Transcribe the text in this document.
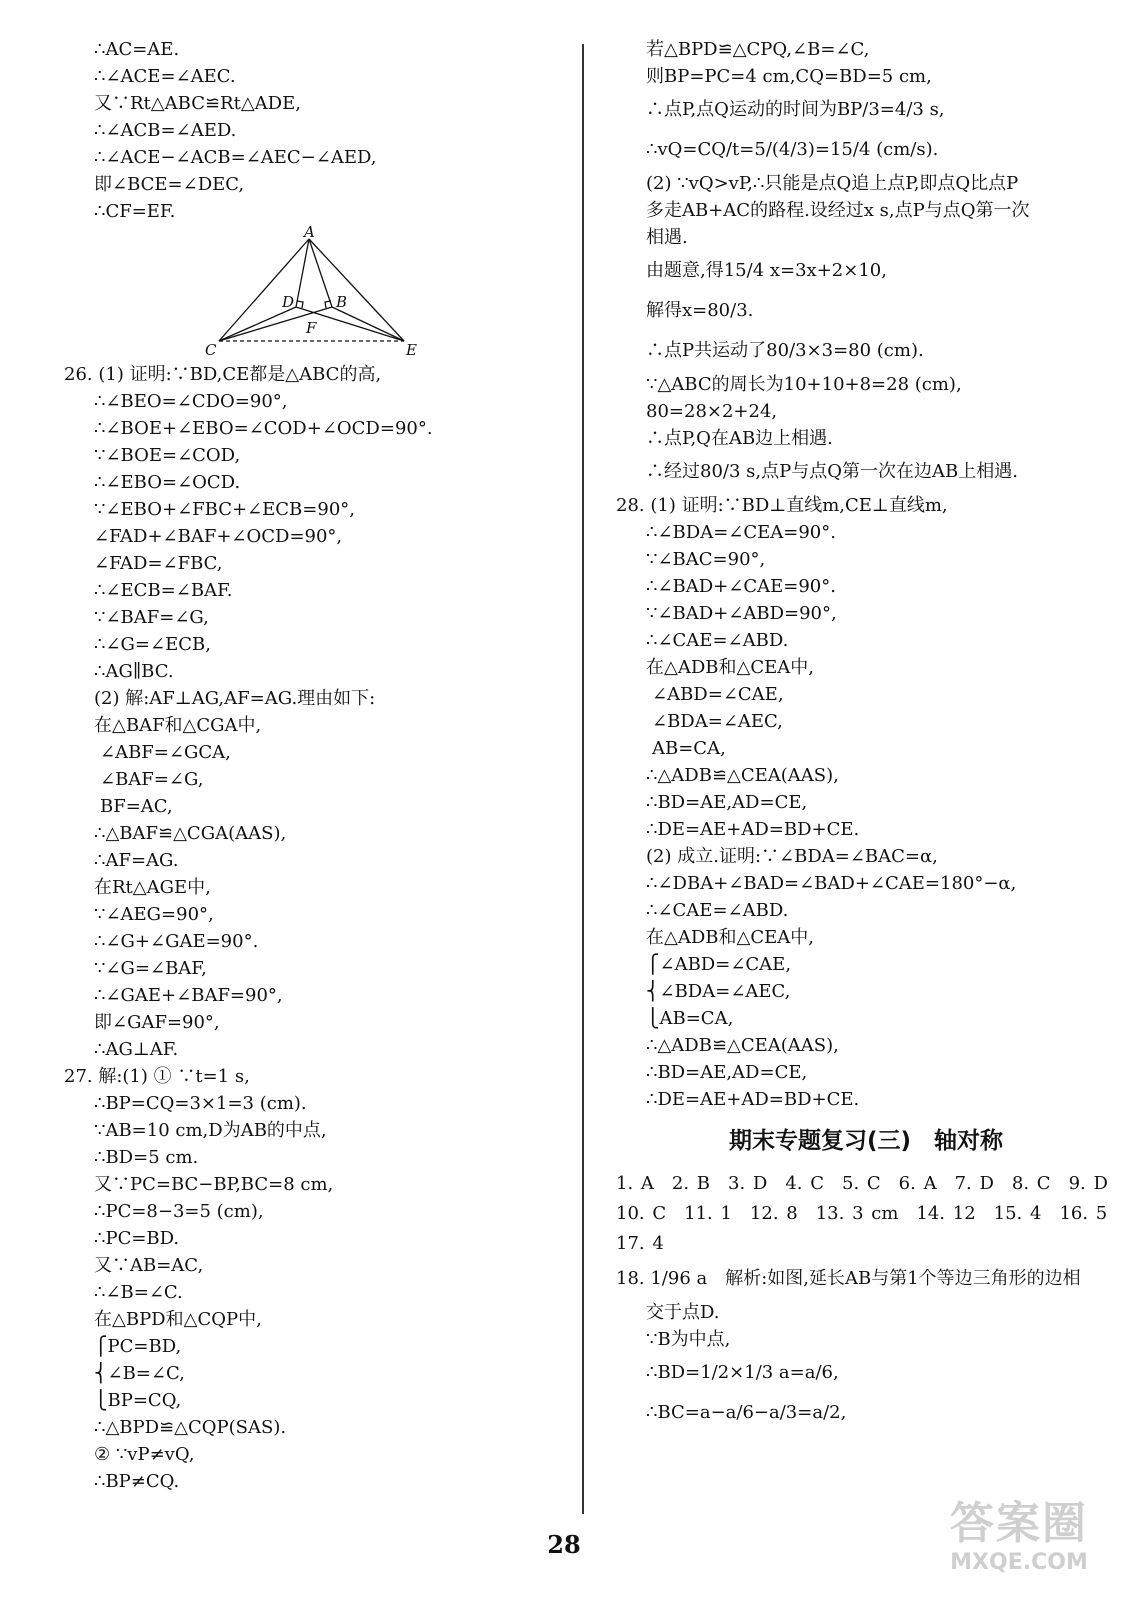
∴AC=AE.
∴∠ACE=∠AEC.
又∵Rt△ABC≌Rt△ADE,
∴∠ACB=∠AED.
∴∠ACE−∠ACB=∠AEC−∠AED,
即∠BCE=∠DEC,
∴CF=EF.
A
B
C
D
E
F
26. (1) 证明:∵BD,CE都是△ABC的高,
∴∠BEO=∠CDO=90°,
∴∠BOE+∠EBO=∠COD+∠OCD=90°.
∵∠BOE=∠COD,
∴∠EBO=∠OCD.
∵∠EBO+∠FBC+∠ECB=90°,
∠FAD+∠BAF+∠OCD=90°,
∠FAD=∠FBC,
∴∠ECB=∠BAF.
∵∠BAF=∠G,
∴∠G=∠ECB,
∴AG∥BC.
(2) 解:AF⊥AG,AF=AG.理由如下:
在△BAF和△CGA中,
∠ABF=∠GCA,
∠BAF=∠G,
BF=AC,
∴△BAF≌△CGA(AAS),
∴AF=AG.
在Rt△AGE中,
∵∠AEG=90°,
∴∠G+∠GAE=90°.
∵∠G=∠BAF,
∴∠GAE+∠BAF=90°,
即∠GAF=90°,
∴AG⊥AF.
27. 解:(1) ① ∵t=1 s,
∴BP=CQ=3×1=3 (cm).
∵AB=10 cm,D为AB的中点,
∴BD=5 cm.
又∵PC=BC−BP,BC=8 cm,
∴PC=8−3=5 (cm),
∴PC=BD.
又∵AB=AC,
∴∠B=∠C.
在△BPD和△CQP中,
⎧PC=BD,
⎨∠B=∠C,
⎩BP=CQ,
∴△BPD≌△CQP(SAS).
② ∵vP≠vQ,
∴BP≠CQ.
若△BPD≌△CPQ,∠B=∠C,
则BP=PC=4 cm,CQ=BD=5 cm,
∴点P,点Q运动的时间为BP/3=4/3 s,
∴vQ=CQ/t=5/(4/3)=15/4 (cm/s).
(2) ∵vQ>vP,∴只能是点Q追上点P,即点Q比点P
多走AB+AC的路程.设经过x s,点P与点Q第一次
相遇.
由题意,得15/4 x=3x+2×10,
解得x=80/3.
∴点P共运动了80/3×3=80 (cm).
∵△ABC的周长为10+10+8=28 (cm),
80=28×2+24,
∴点P,Q在AB边上相遇.
∴经过80/3 s,点P与点Q第一次在边AB上相遇.
28. (1) 证明:∵BD⊥直线m,CE⊥直线m,
∴∠BDA=∠CEA=90°.
∵∠BAC=90°,
∴∠BAD+∠CAE=90°.
∵∠BAD+∠ABD=90°,
∴∠CAE=∠ABD.
在△ADB和△CEA中,
∠ABD=∠CAE,
∠BDA=∠AEC,
AB=CA,
∴△ADB≌△CEA(AAS),
∴BD=AE,AD=CE,
∴DE=AE+AD=BD+CE.
(2) 成立.证明:∵∠BDA=∠BAC=α,
∴∠DBA+∠BAD=∠BAD+∠CAE=180°−α,
∴∠CAE=∠ABD.
在△ADB和△CEA中,
⎧∠ABD=∠CAE,
⎨∠BDA=∠AEC,
⎩AB=CA,
∴△ADB≌△CEA(AAS),
∴BD=AE,AD=CE,
∴DE=AE+AD=BD+CE.
期末专题复习(三)　轴对称
1. A　2. B　3. D　4. C　5. C　6. A　7. D　8. C　9. D
10. C　11. 1　12. 8　13. 3 cm　14. 12　15. 4　16. 5
17. 4
18. 1/96 a　解析:如图,延长AB与第1个等边三角形的边相
交于点D.
∵B为中点,
∴BD=1/2×1/3 a=a/6,
∴BC=a−a/6−a/3=a/2,
28	答案圈
MXQE.COM
